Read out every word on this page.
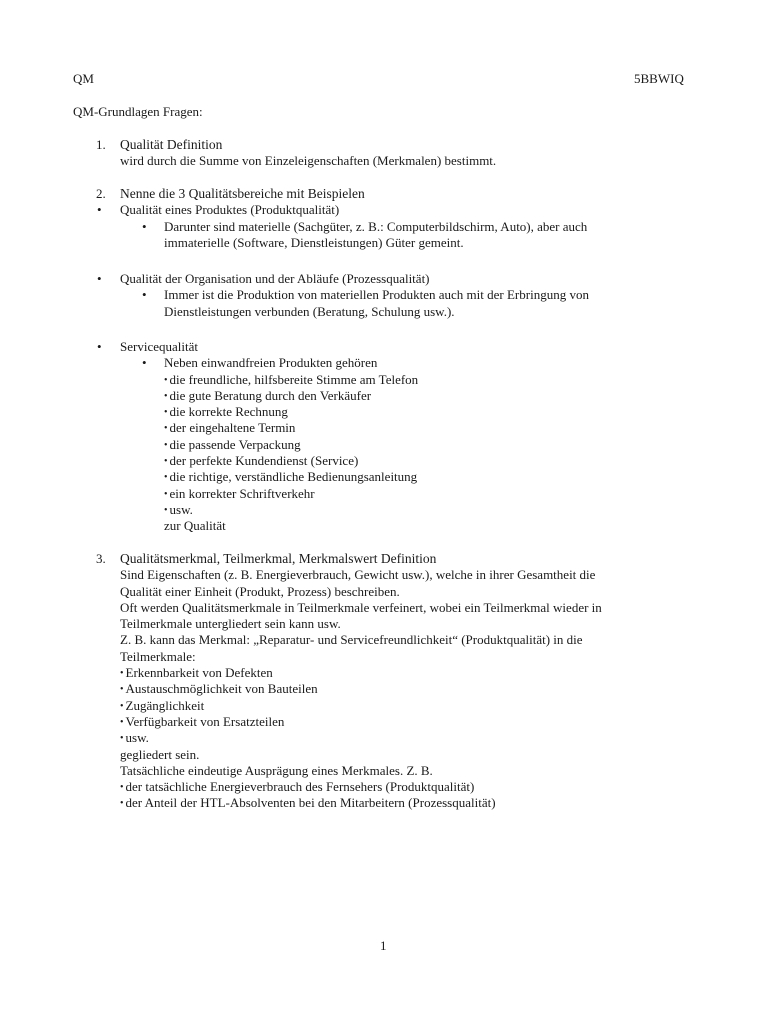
QM	5BBWIQ
QM-Grundlagen Fragen:
1. Qualität Definition
wird durch die Summe von Einzeleigenschaften (Merkmalen) bestimmt.
2. Nenne die 3 Qualitätsbereiche mit Beispielen
• Qualität eines Produktes (Produktqualität)
• Darunter sind materielle (Sachgüter, z. B.: Computerbildschirm, Auto), aber auch
immaterielle (Software, Dienstleistungen) Güter gemeint.
• Qualität der Organisation und der Abläufe (Prozessqualität)
• Immer ist die Produktion von materiellen Produkten auch mit der Erbringung von
Dienstleistungen verbunden (Beratung, Schulung usw.).
• Servicequalität
• Neben einwandfreien Produkten gehören
• die freundliche, hilfsbereite Stimme am Telefon
• die gute Beratung durch den Verkäufer
• die korrekte Rechnung
• der eingehaltene Termin
• die passende Verpackung
• der perfekte Kundendienst (Service)
• die richtige, verständliche Bedienungsanleitung
• ein korrekter Schriftverkehr
• usw.
zur Qualität
3. Qualitätsmerkmal, Teilmerkmal, Merkmalswert Definition
Sind Eigenschaften (z. B. Energieverbrauch, Gewicht usw.), welche in ihrer Gesamtheit die
Qualität einer Einheit (Produkt, Prozess) beschreiben.
Oft werden Qualitätsmerkmale in Teilmerkmale verfeinert, wobei ein Teilmerkmal wieder in
Teilmerkmale untergliedert sein kann usw.
Z. B. kann das Merkmal: „Reparatur- und Servicefreundlichkeit“ (Produktqualität) in die
Teilmerkmale:
• Erkennbarkeit von Defekten
• Austauschmöglichkeit von Bauteilen
• Zugänglichkeit
• Verfügbarkeit von Ersatzteilen
• usw.
gegliedert sein.
Tatsächliche eindeutige Ausprägung eines Merkmales. Z. B.
• der tatsächliche Energieverbrauch des Fernsehers (Produktqualität)
• der Anteil der HTL-Absolventen bei den Mitarbeitern (Prozessqualität)
1
